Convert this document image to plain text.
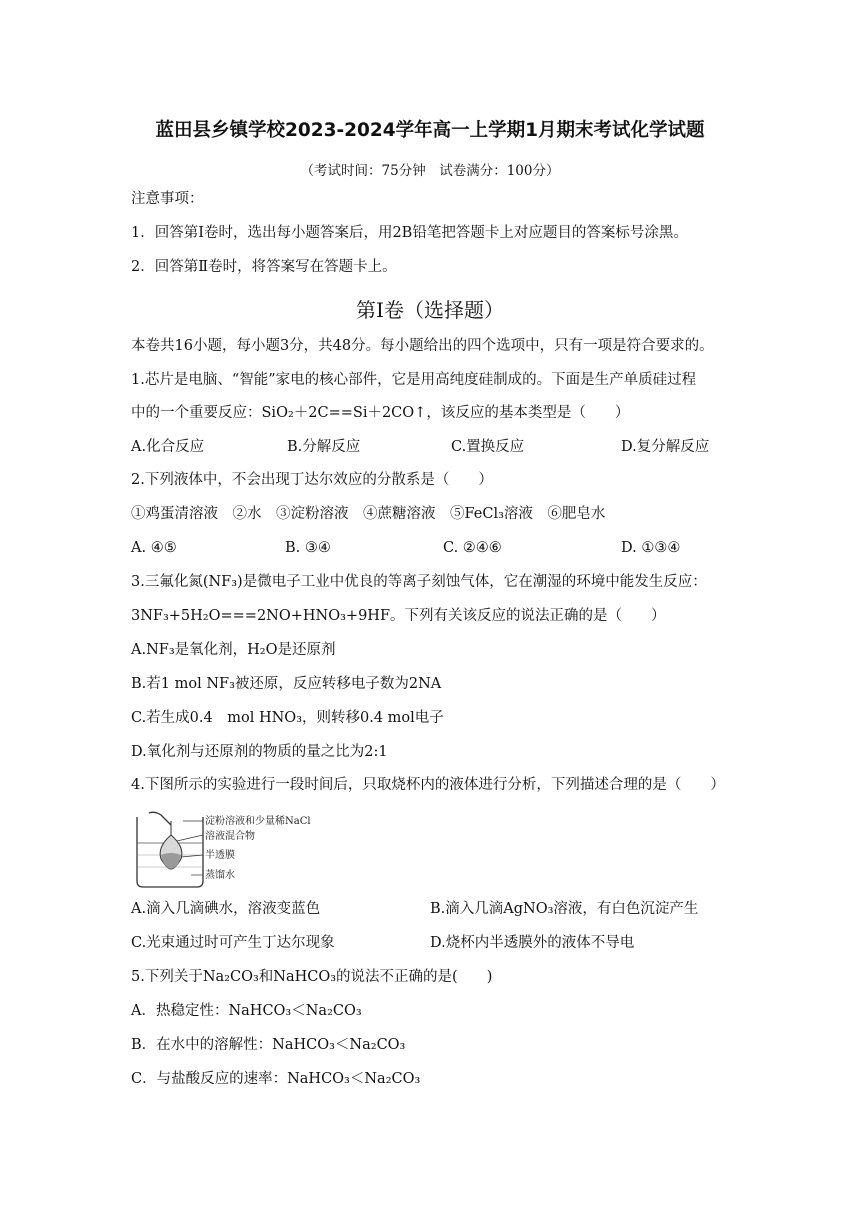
蓝田县乡镇学校2023-2024学年高一上学期1月期末考试化学试题
（考试时间：75分钟　试卷满分：100分）
注意事项：
1．回答第Ⅰ卷时，选出每小题答案后，用2B铅笔把答题卡上对应题目的答案标号涂黑。
2．回答第Ⅱ卷时，将答案写在答题卡上。
第Ⅰ卷（选择题）
本卷共16小题，每小题3分，共48分。每小题给出的四个选项中，只有一项是符合要求的。
1.芯片是电脑、“智能”家电的核心部件，它是用高纯度硅制成的。下面是生产单质硅过程
中的一个重要反应：SiO₂＋2C==Si＋2CO↑，该反应的基本类型是（　　）
A.化合反应	B.分解反应	C.置换反应	D.复分解反应
2.下列液体中，不会出现丁达尔效应的分散系是（　　）
①鸡蛋清溶液　②水　③淀粉溶液　④蔗糖溶液　⑤FeCl₃溶液　⑥肥皂水
A. ④⑤	B. ③④	C. ②④⑥	D. ①③④
3.三氟化氮(NF₃)是微电子工业中优良的等离子刻蚀气体，它在潮湿的环境中能发生反应：
3NF₃+5H₂O===2NO+HNO₃+9HF。下列有关该反应的说法正确的是（　　）
A.NF₃是氧化剂，H₂O是还原剂
B.若1 mol NF₃被还原，反应转移电子数为2NA
C.若生成0.4　mol HNO₃，则转移0.4 mol电子
D.氧化剂与还原剂的物质的量之比为2:1
4.下图所示的实验进行一段时间后，只取烧杯内的液体进行分析，下列描述合理的是（　　）
淀粉溶液和少量稀NaCl
溶液混合物
半透膜
蒸馏水
A.滴入几滴碘水，溶液变蓝色	B.滴入几滴AgNO₃溶液，有白色沉淀产生
C.光束通过时可产生丁达尔现象	D.烧杯内半透膜外的液体不导电
5.下列关于Na₂CO₃和NaHCO₃的说法不正确的是(　　)
A．热稳定性：NaHCO₃＜Na₂CO₃
B．在水中的溶解性：NaHCO₃＜Na₂CO₃
C．与盐酸反应的速率：NaHCO₃＜Na₂CO₃
